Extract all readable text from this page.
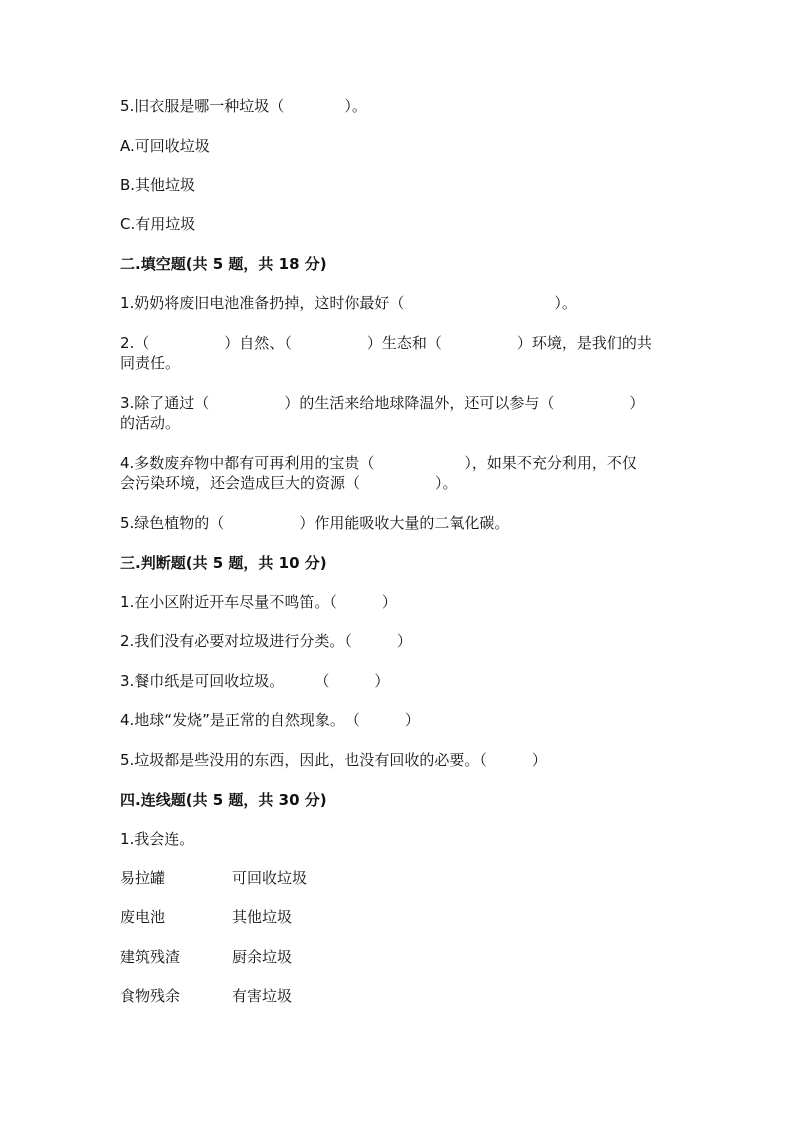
5.旧衣服是哪一种垃圾（　　　　）。
A.可回收垃圾
B.其他垃圾
C.有用垃圾
二.填空题(共 5 题，共 18 分)
1.奶奶将废旧电池准备扔掉，这时你最好（　　　　　　　　　　）。
2.（　　　　　）自然、（　　　　　）生态和（　　　　　）环境，是我们的共
同责任。
3.除了通过（　　　　　）的生活来给地球降温外，还可以参与（　　　　　）
的活动。
4.多数废弃物中都有可再利用的宝贵（　　　　　　），如果不充分利用，不仅
会污染环境，还会造成巨大的资源（　　　　　）。
5.绿色植物的（　　　　　）作用能吸收大量的二氧化碳。
三.判断题(共 5 题，共 10 分)
1.在小区附近开车尽量不鸣笛。（　　　）
2.我们没有必要对垃圾进行分类。（　　　）
3.餐巾纸是可回收垃圾。　　　（　　　）
4.地球“发烧”是正常的自然现象。　（　　　）
5.垃圾都是些没用的东西，因此，也没有回收的必要。（　　　）
四.连线题(共 5 题，共 30 分)
1.我会连。
易拉罐	可回收垃圾
废电池	其他垃圾
建筑残渣	厨余垃圾
食物残余	有害垃圾
